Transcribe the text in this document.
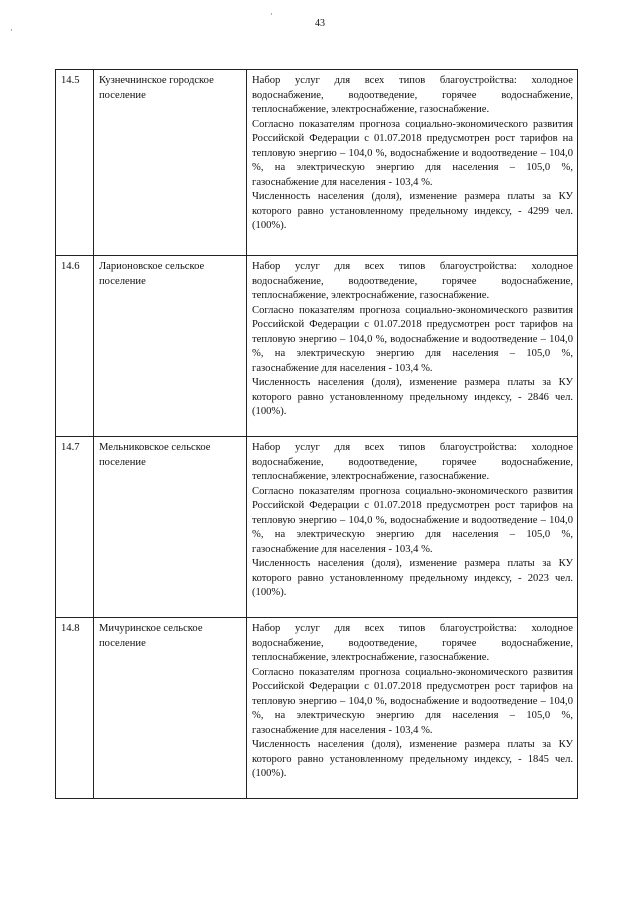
43
·
·
14.5	Кузнечнинское городское поселение	Набор услуг для всех типов благоустройства: холодное водоснабжение, водоотведение, горячее водоснабжение, теплоснабжение, электроснабжение, газоснабжение.

Согласно показателям прогноза социально-экономического развития Российской Федерации с 01.07.2018 предусмотрен рост тарифов на тепловую энергию – 104,0 %, водоснабжение и водоотведение – 104,0 %, на электрическую энергию для населения – 105,0 %, газоснабжение для населения - 103,4 %.

Численность населения (доля), изменение размера платы за КУ которого равно установленному предельному индексу, - 4299 чел. (100%).

14.6	Ларионовское сельское поселение	Набор услуг для всех типов благоустройства: холодное водоснабжение, водоотведение, горячее водоснабжение, теплоснабжение, электроснабжение, газоснабжение.

Согласно показателям прогноза социально-экономического развития Российской Федерации с 01.07.2018 предусмотрен рост тарифов на тепловую энергию – 104,0 %, водоснабжение и водоотведение – 104,0 %, на электрическую энергию для населения – 105,0 %, газоснабжение для населения - 103,4 %.

Численность населения (доля), изменение размера платы за КУ которого равно установленному предельному индексу, - 2846 чел. (100%).

14.7	Мельниковское сельское поселение	Набор услуг для всех типов благоустройства: холодное водоснабжение, водоотведение, горячее водоснабжение, теплоснабжение, электроснабжение, газоснабжение.

Согласно показателям прогноза социально-экономического развития Российской Федерации с 01.07.2018 предусмотрен рост тарифов на тепловую энергию – 104,0 %, водоснабжение и водоотведение – 104,0 %, на электрическую энергию для населения – 105,0 %, газоснабжение для населения - 103,4 %.

Численность населения (доля), изменение размера платы за КУ которого равно установленному предельному индексу, - 2023 чел. (100%).

14.8	Мичуринское сельское поселение	Набор услуг для всех типов благоустройства: холодное водоснабжение, водоотведение, горячее водоснабжение, теплоснабжение, электроснабжение, газоснабжение.

Согласно показателям прогноза социально-экономического развития Российской Федерации с 01.07.2018 предусмотрен рост тарифов на тепловую энергию – 104,0 %, водоснабжение и водоотведение – 104,0 %, на электрическую энергию для населения – 105,0 %, газоснабжение для населения - 103,4 %.

Численность населения (доля), изменение размера платы за КУ которого равно установленному предельному индексу, - 1845 чел. (100%).
